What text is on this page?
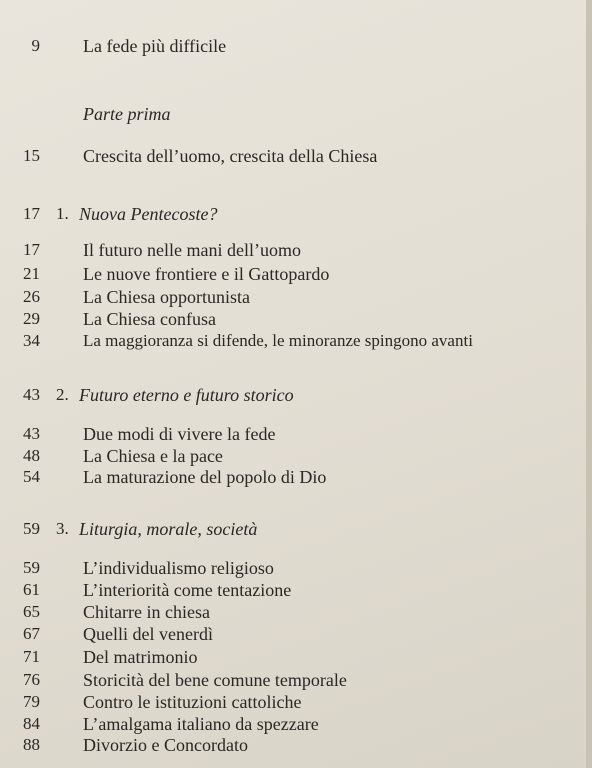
9 La fede più difficile
Parte prima
15 Crescita dell’uomo, crescita della Chiesa
17 1. Nuova Pentecoste?
17 Il futuro nelle mani dell’uomo
21 Le nuove frontiere e il Gattopardo
26 La Chiesa opportunista
29 La Chiesa confusa
34	La maggioranza si difende, le minoranze spingono avanti
43 2. Futuro eterno e futuro storico
43 Due modi di vivere la fede
48 La Chiesa e la pace
54 La maturazione del popolo di Dio
59 3. Liturgia, morale, società
59 L’individualismo religioso
61 L’interiorità come tentazione
65 Chitarre in chiesa
67 Quelli del venerdì
71 Del matrimonio
76 Storicità del bene comune temporale
79 Contro le istituzioni cattoliche
84 L’amalgama italiano da spezzare
88 Divorzio e Concordato
